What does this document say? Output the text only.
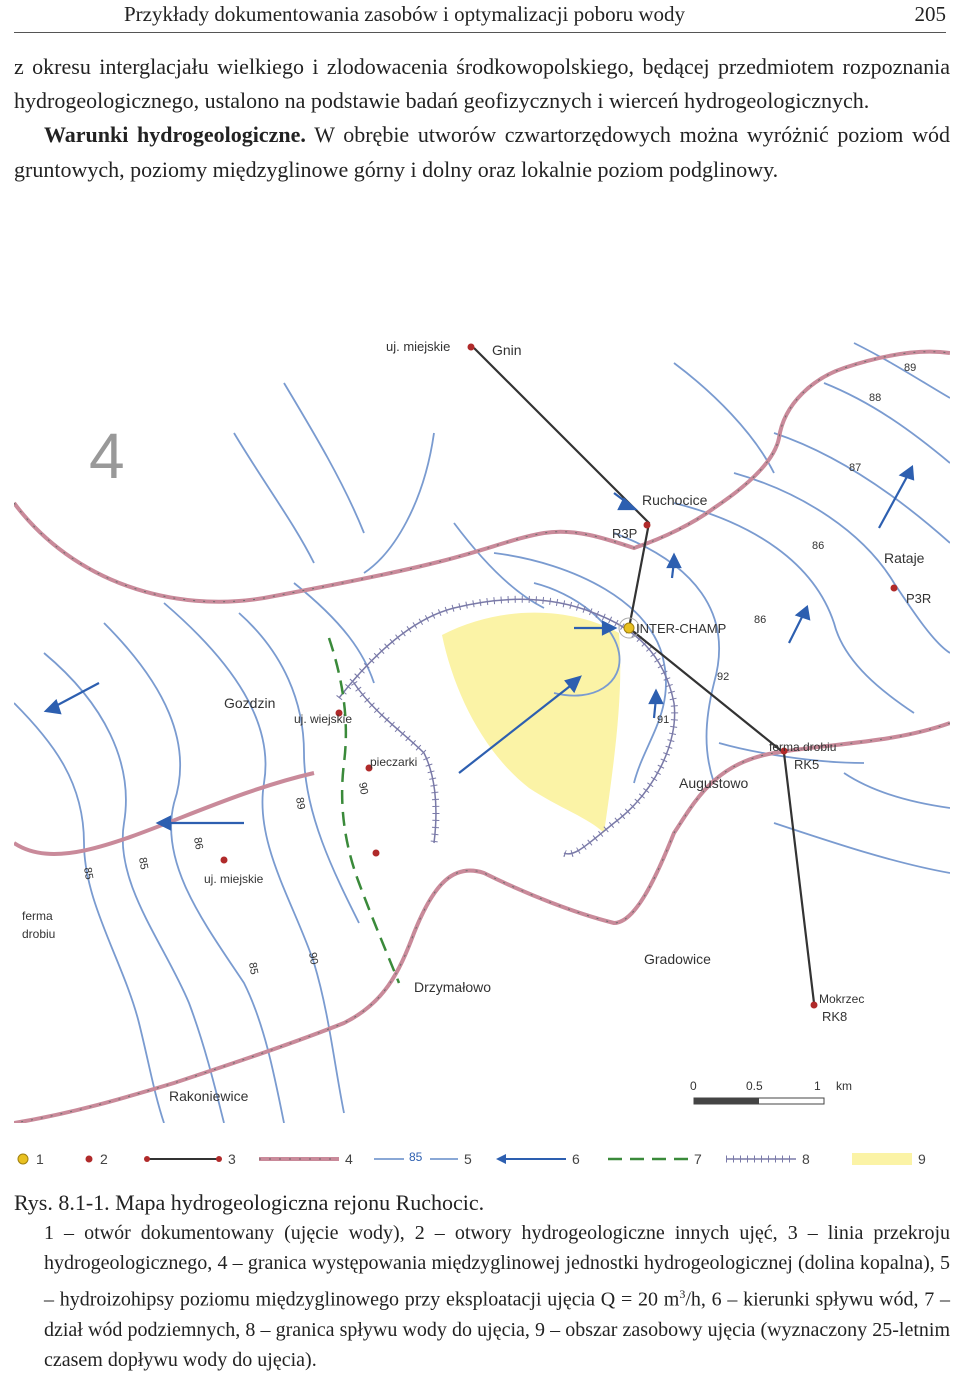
Przykłady dokumentowania zasobów i optymalizacji poboru wody	205

z okresu interglacjału wielkiego i zlodowacenia środkowopolskiego, będącej przedmiotem rozpoznania hydrogeologicznego, ustalono na podstawie badań geofizycznych i wierceń hydrogeologicznych.

Warunki hydrogeologiczne. W obrębie utworów czwartorzędowych można wyróżnić poziom wód gruntowych, poziomy międzyglinowe górny i dolny oraz lokalnie poziom podglinowy.

uj. miejskie	Gnin
Ruchocice
R3P
Rataje
P3R
INTER-CHAMP
Gozdzin
uj. wiejskie
pieczarki
ferma drobiu
RK5
Augustowo
uj. miejskie
ferma
drobiu
Gradowice
Drzymałowo
Mokrzec
RK8
Rakoniewice
4
85
85
86
89
90
91
92
86
86
87
88
89
85
90
0	0.5	1 km
1	2	3	4	85	5	6	7	8	9
Rys. 8.1-1. Mapa hydrogeologiczna rejonu Ruchocic.
1 – otwór dokumentowany (ujęcie wody), 2 – otwory hydrogeologiczne innych ujęć, 3 – linia przekroju hydrogeologicznego, 4 – granica występowania międzyglinowej jednostki hydrogeologicznej (dolina kopalna), 5 – hydroizohipsy poziomu międzyglinowego przy eksploatacji ujęcia Q = 20 $m^3/h$, 6 – kierunki spływu wód, 7 – dział wód podziemnych, 8 – granica spływu wody do ujęcia, 9 – obszar zasobowy ujęcia (wyznaczony 25-letnim czasem dopływu wody do ujęcia).
